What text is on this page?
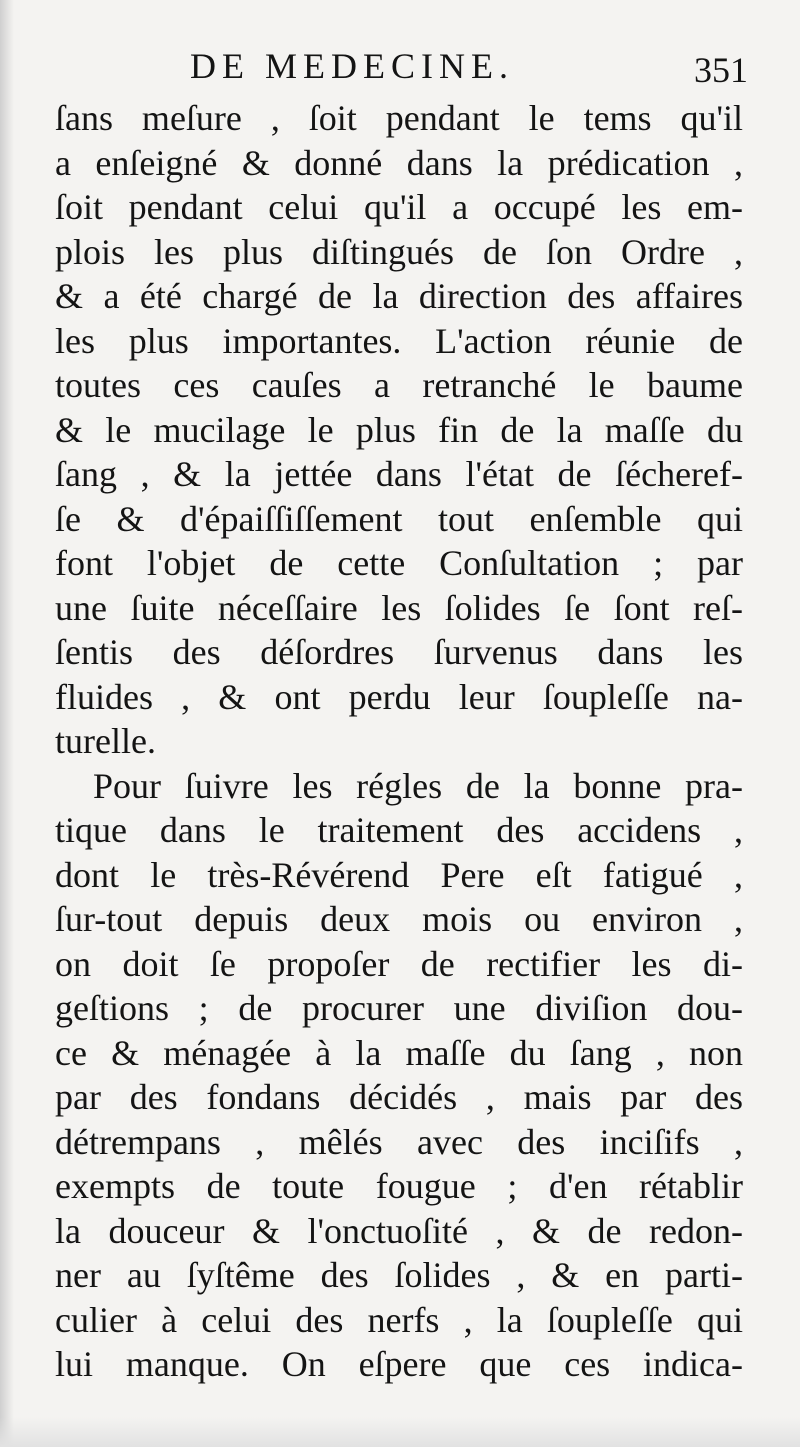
DE MEDECINE.	351
ſans meſure , ſoit pendant le tems qu'il
a enſeigné & donné dans la prédication ,
ſoit pendant celui qu'il a occupé les em-
plois les plus diſtingués de ſon Ordre ,
& a été chargé de la direction des affaires
les plus importantes. L'action réunie de
toutes ces cauſes a retranché le baume
& le mucilage le plus fin de la maſſe du
ſang , & la jettée dans l'état de ſécheref-
ſe & d'épaiſſiſſement tout enſemble qui
font l'objet de cette Conſultation ; par
une ſuite néceſſaire les ſolides ſe ſont reſ-
ſentis des déſordres ſurvenus dans les
fluides , & ont perdu leur ſoupleſſe na-
turelle.
Pour ſuivre les régles de la bonne pra-
tique dans le traitement des accidens ,
dont le très-Révérend Pere eſt fatigué ,
ſur-tout depuis deux mois ou environ ,
on doit ſe propoſer de rectifier les di-
geſtions ; de procurer une diviſion dou-
ce & ménagée à la maſſe du ſang , non
par des fondans décidés , mais par des
détrempans , mêlés avec des inciſifs ,
exempts de toute fougue ; d'en rétablir
la douceur & l'onctuoſité , & de redon-
ner au ſyſtême des ſolides , & en parti-
culier à celui des nerfs , la ſoupleſſe qui
lui manque. On eſpere que ces indica-
